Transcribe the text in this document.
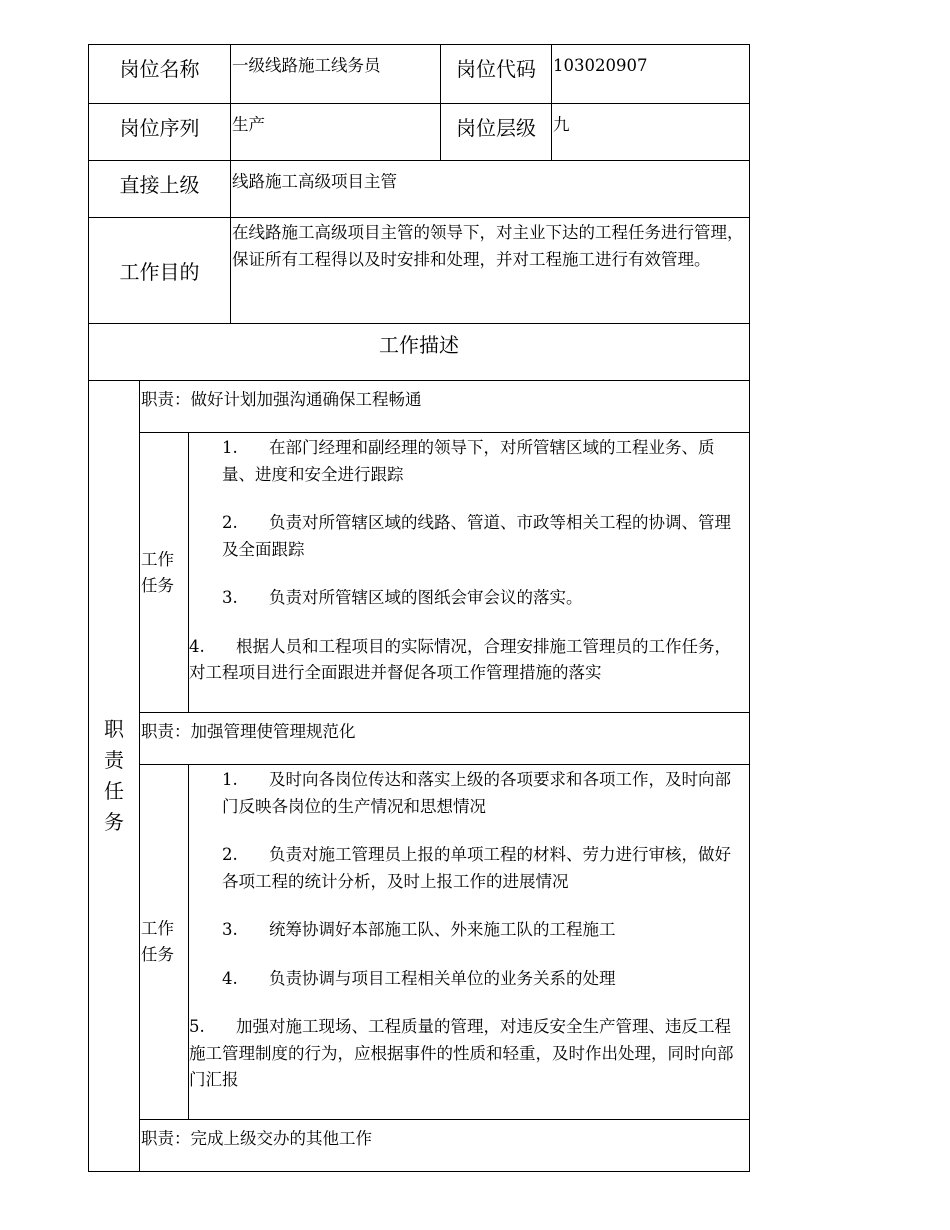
岗位名称			一级线路施工线务员	岗位代码	103020907
岗位序列			生产	岗位层级	九
直接上级			线路施工高级项目主管		
工作目的			在线路施工高级项目主管的领导下，对主业下达的工程任务进行管理，保证所有工程得以及时安排和处理，并对工程施工进行有效管理。		
工作描述					

职
责
任
务	职责：做好计划加强沟通确保工程畅通				
	工作任务	1. 在部门经理和副经理的领导下，对所管辖区域的工程业务、质量、进度和安全进行跟踪
2. 负责对所管辖区域的线路、管道、市政等相关工程的协调、管理及全面跟踪
3. 负责对所管辖区域的图纸会审会议的落实。
4. 根据人员和工程项目的实际情况，合理安排施工管理员的工作任务，对工程项目进行全面跟进并督促各项工作管理措施的落实			

	职责：加强管理使管理规范化				
	工作任务	1. 及时向各岗位传达和落实上级的各项要求和各项工作，及时向部门反映各岗位的生产情况和思想情况
2. 负责对施工管理员上报的单项工程的材料、劳力进行审核，做好各项工程的统计分析，及时上报工作的进展情况
3. 统筹协调好本部施工队、外来施工队的工程施工
4. 负责协调与项目工程相关单位的业务关系的处理
5. 加强对施工现场、工程质量的管理，对违反安全生产管理、违反工程施工管理制度的行为，应根据事件的性质和轻重，及时作出处理，同时向部门汇报			

	职责：完成上级交办的其他工作				
